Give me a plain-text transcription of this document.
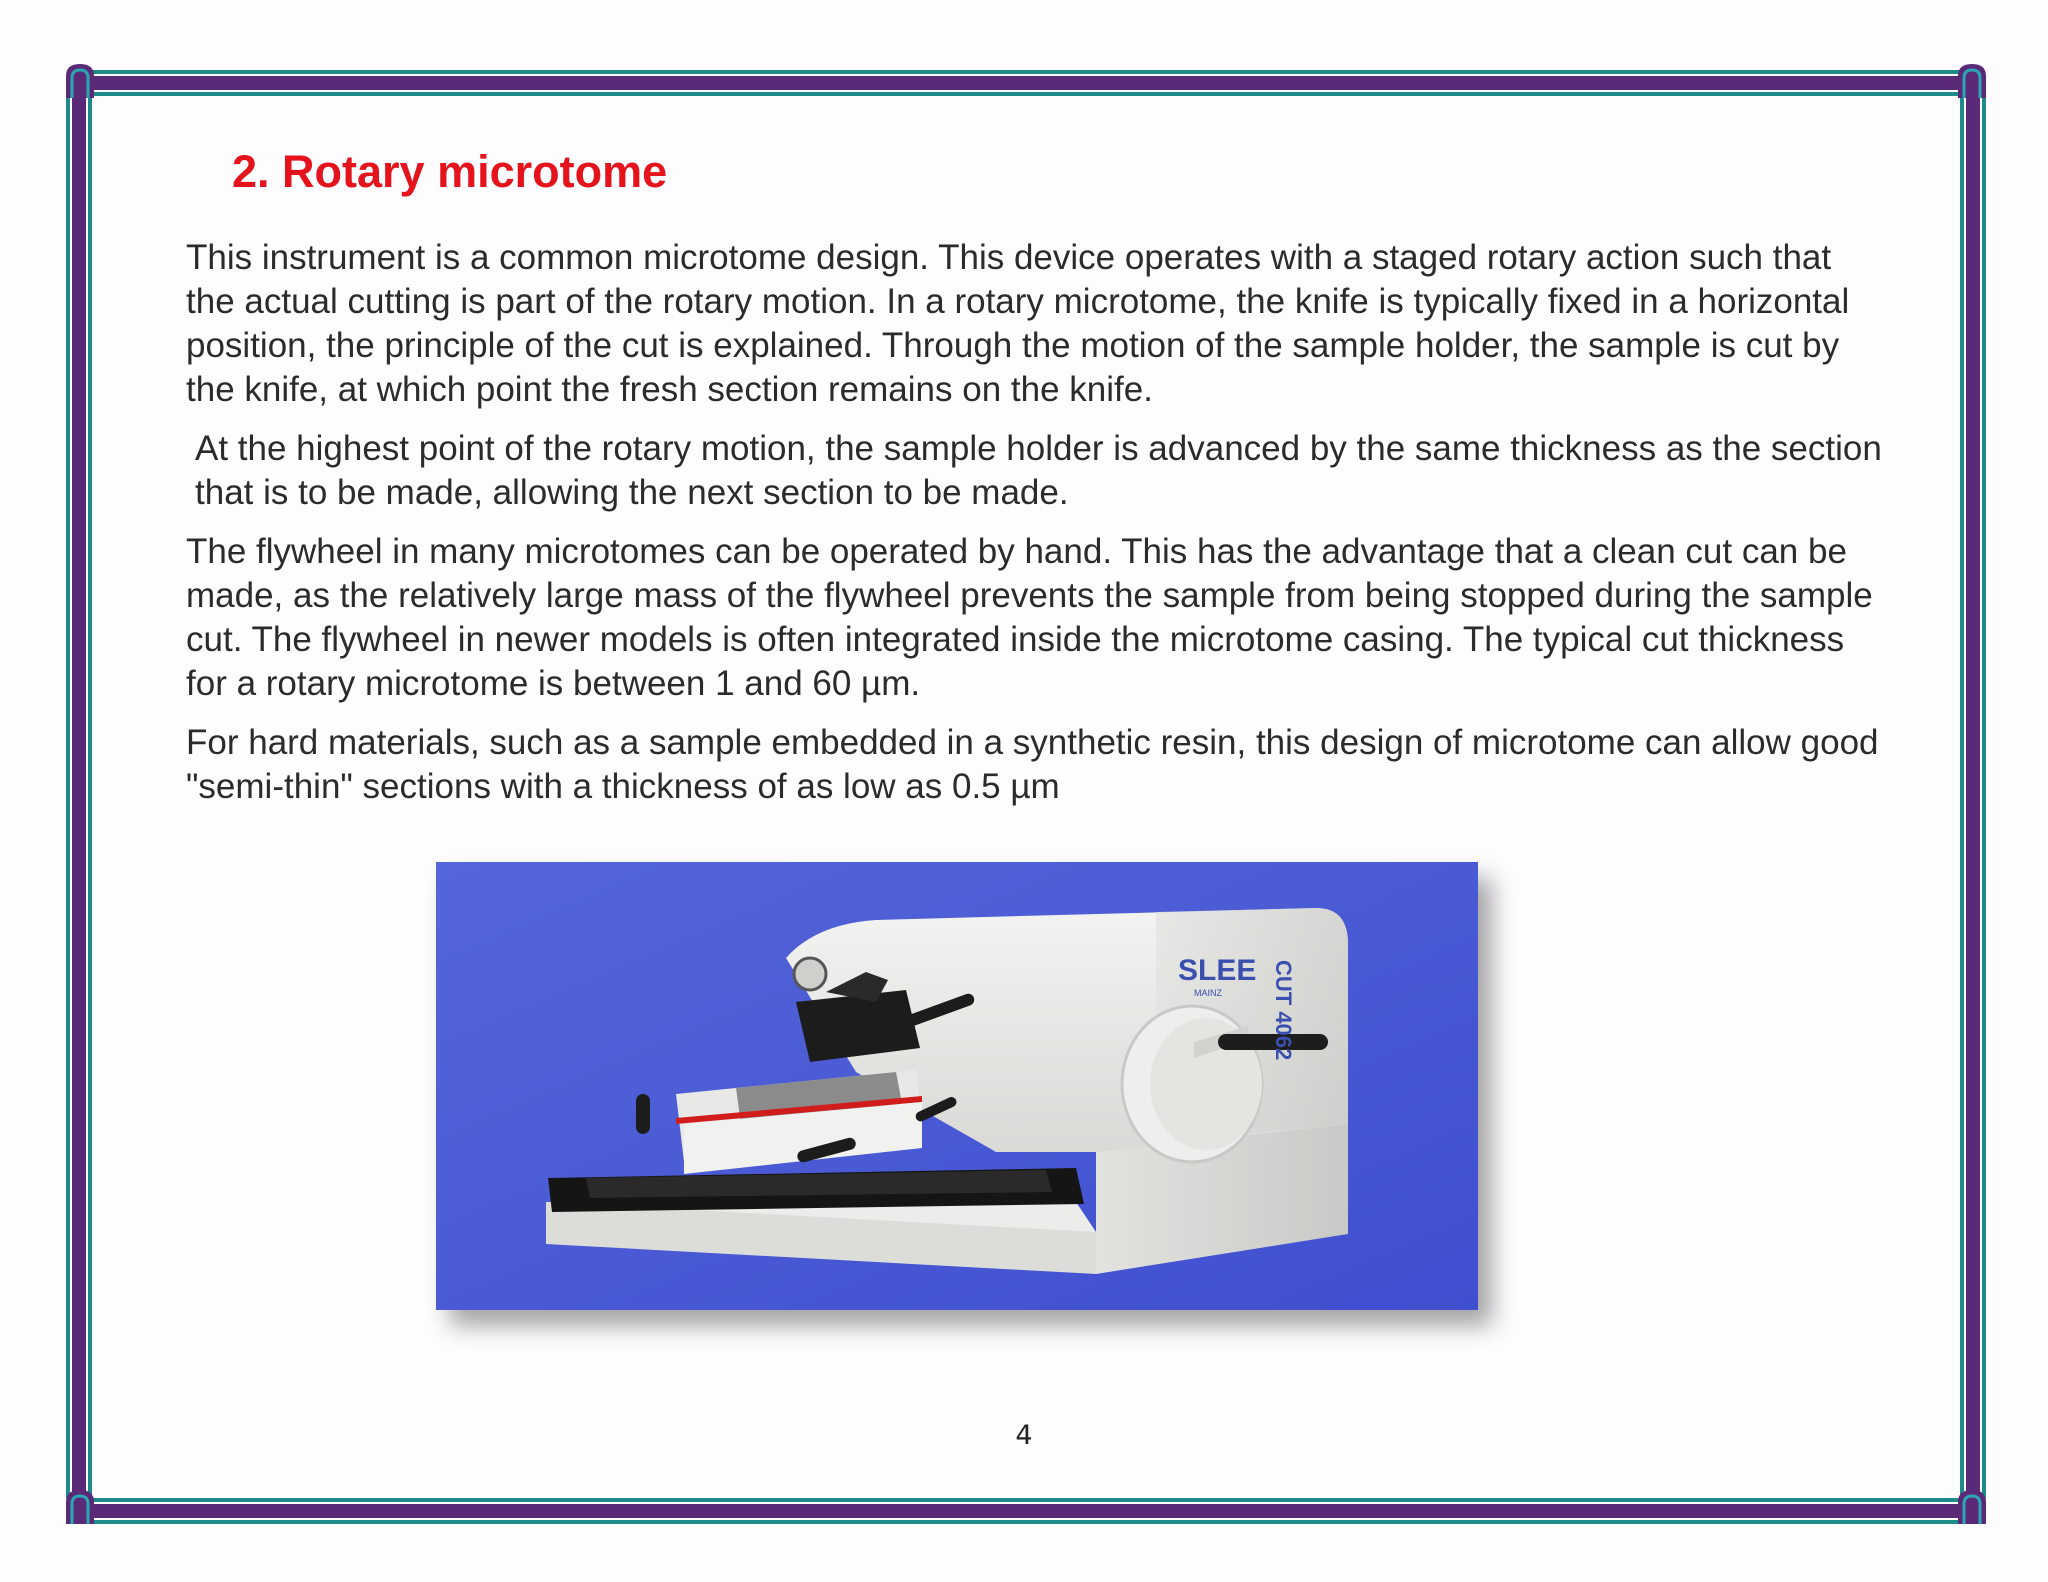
2. Rotary microtome

This instrument is a common microtome design. This device operates with a staged rotary action such that the actual cutting is part of the rotary motion. In a rotary microtome, the knife is typically fixed in a horizontal position, the principle of the cut is explained. Through the motion of the sample holder, the sample is cut by the knife, at which point the fresh section remains on the knife.

At the highest point of the rotary motion, the sample holder is advanced by the same thickness as the section that is to be made, allowing the next section to be made.

The flywheel in many microtomes can be operated by hand. This has the advantage that a clean cut can be made, as the relatively large mass of the flywheel prevents the sample from being stopped during the sample cut. The flywheel in newer models is often integrated inside the microtome casing. The typical cut thickness for a rotary microtome is between 1 and 60 µm.

For hard materials, such as a sample embedded in a synthetic resin, this design of microtome can allow good "semi-thin" sections with a thickness of as low as 0.5 µm

SLEE
MAINZ CUT 4062
4
